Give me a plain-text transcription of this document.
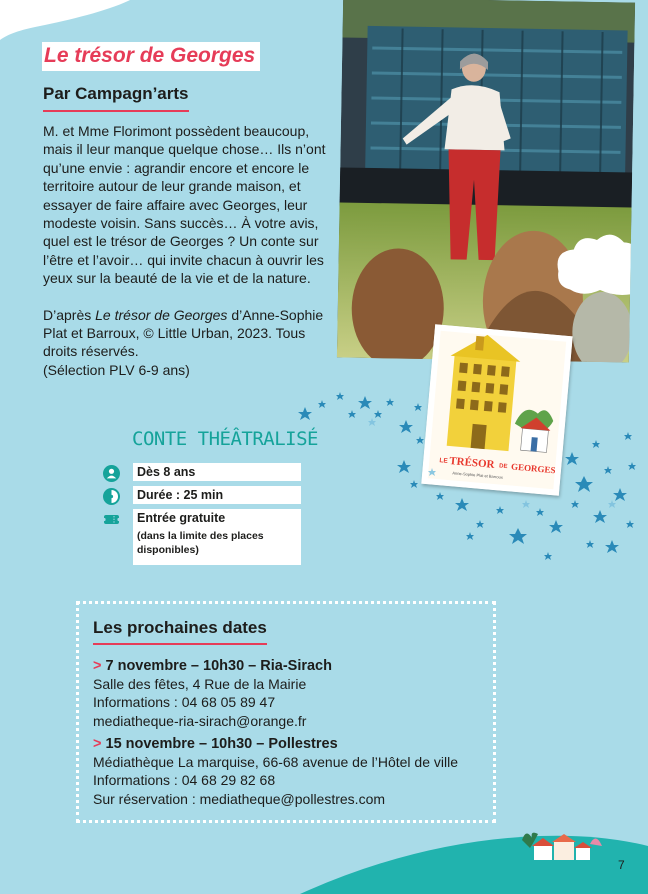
Le trésor de Georges
Par Campagn’arts

M. et Mme Florimont possèdent beaucoup, mais il leur manque quelque chose… Ils n’ont qu’une envie : agrandir encore et encore le territoire autour de leur grande maison, et essayer de faire affaire avec Georges, leur modeste voisin. Sans succès… À votre avis, quel est le trésor de Georges ? Un conte sur l’être et l’avoir… qui invite chacun à ouvrir les yeux sur la beauté de la vie et de la nature.

D’après Le trésor de Georges d’Anne-Sophie Plat et Barroux, © Little Urban, 2023. Tous droits réservés.

(Sélection PLV 6-9 ans)

LE TRÉSOR DE GEORGES
Anne-Sophie Plat et Barroux
CONTE THÉÂTRALISÉ
Dès 8 ans
Durée : 25 min
Entrée gratuite
(dans la limite des places disponibles)
Les prochaines dates
> 7 novembre – 10h30 – Ria-Sirach
Salle des fêtes, 4 Rue de la Mairie
Informations : 04 68 05 89 47
mediatheque-ria-sirach@orange.fr
> 15 novembre – 10h30 – Pollestres
Médiathèque La marquise, 66-68 avenue de l’Hôtel de ville
Informations : 04 68 29 82 68
Sur réservation : mediatheque@pollestres.com
7
